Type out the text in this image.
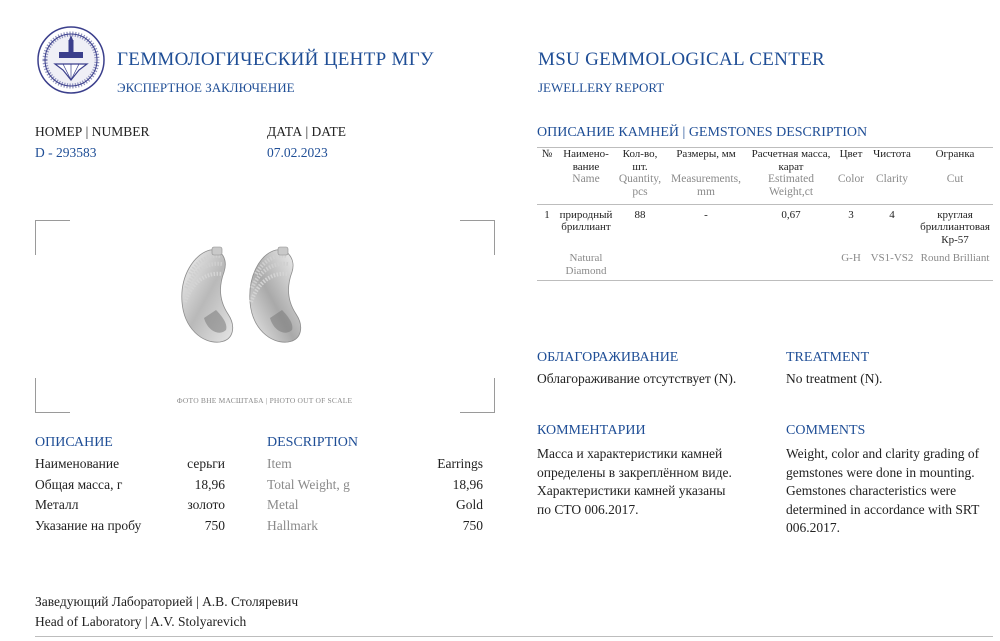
ГЕММОЛОГИЧЕСКИЙ ЦЕНТР МГУ
ЭКСПЕРТНОЕ ЗАКЛЮЧЕНИЕ
MSU GEMMOLOGICAL CENTER
JEWELLERY REPORT
НОМЕР | NUMBER
D - 293583
ДАТА | DATE
07.02.2023
ФОТО ВНЕ МАСШТАБА | PHOTO OUT OF SCALE
ОПИСАНИЕ
Наименование	серьги
Общая масса, г	18,96
Металл	золото
Указание на пробу	750
DESCRIPTION
Item	Earrings
Total Weight, g	18,96
Metal	Gold
Hallmark	750
Заведующий Лабораторией | А.В. Столяревич
Head of Laboratory | A.V. Stolyarevich
ОПИСАНИЕ КАМНЕЙ | GEMSTONES DESCRIPTION

№	Наимено-вание	Кол-во, шт.	Размеры, мм	Расчетная масса, карат	Цвет	Чистота	Огранка
	Name	Quantity, pcs	Measurements, mm	Estimated Weight,ct	Color	Clarity	Cut

1	природный бриллиант	88	-	0,67	3	4	круглая бриллиантовая Кр-57

	Natural Diamond				G-H	VS1-VS2	Round Brilliant

ОБЛАГОРАЖИВАНИЕ
Облагораживание отсутствует (N).
TREATMENT
No treatment (N).
КОММЕНТАРИИ
Масса и характеристики камней
определены в закреплённом виде.
Характеристики камней указаны
по СТО 006.2017.
COMMENTS
Weight, color and clarity grading of
gemstones were done in mounting.
Gemstones characteristics were
determined in accordance with SRT
006.2017.
